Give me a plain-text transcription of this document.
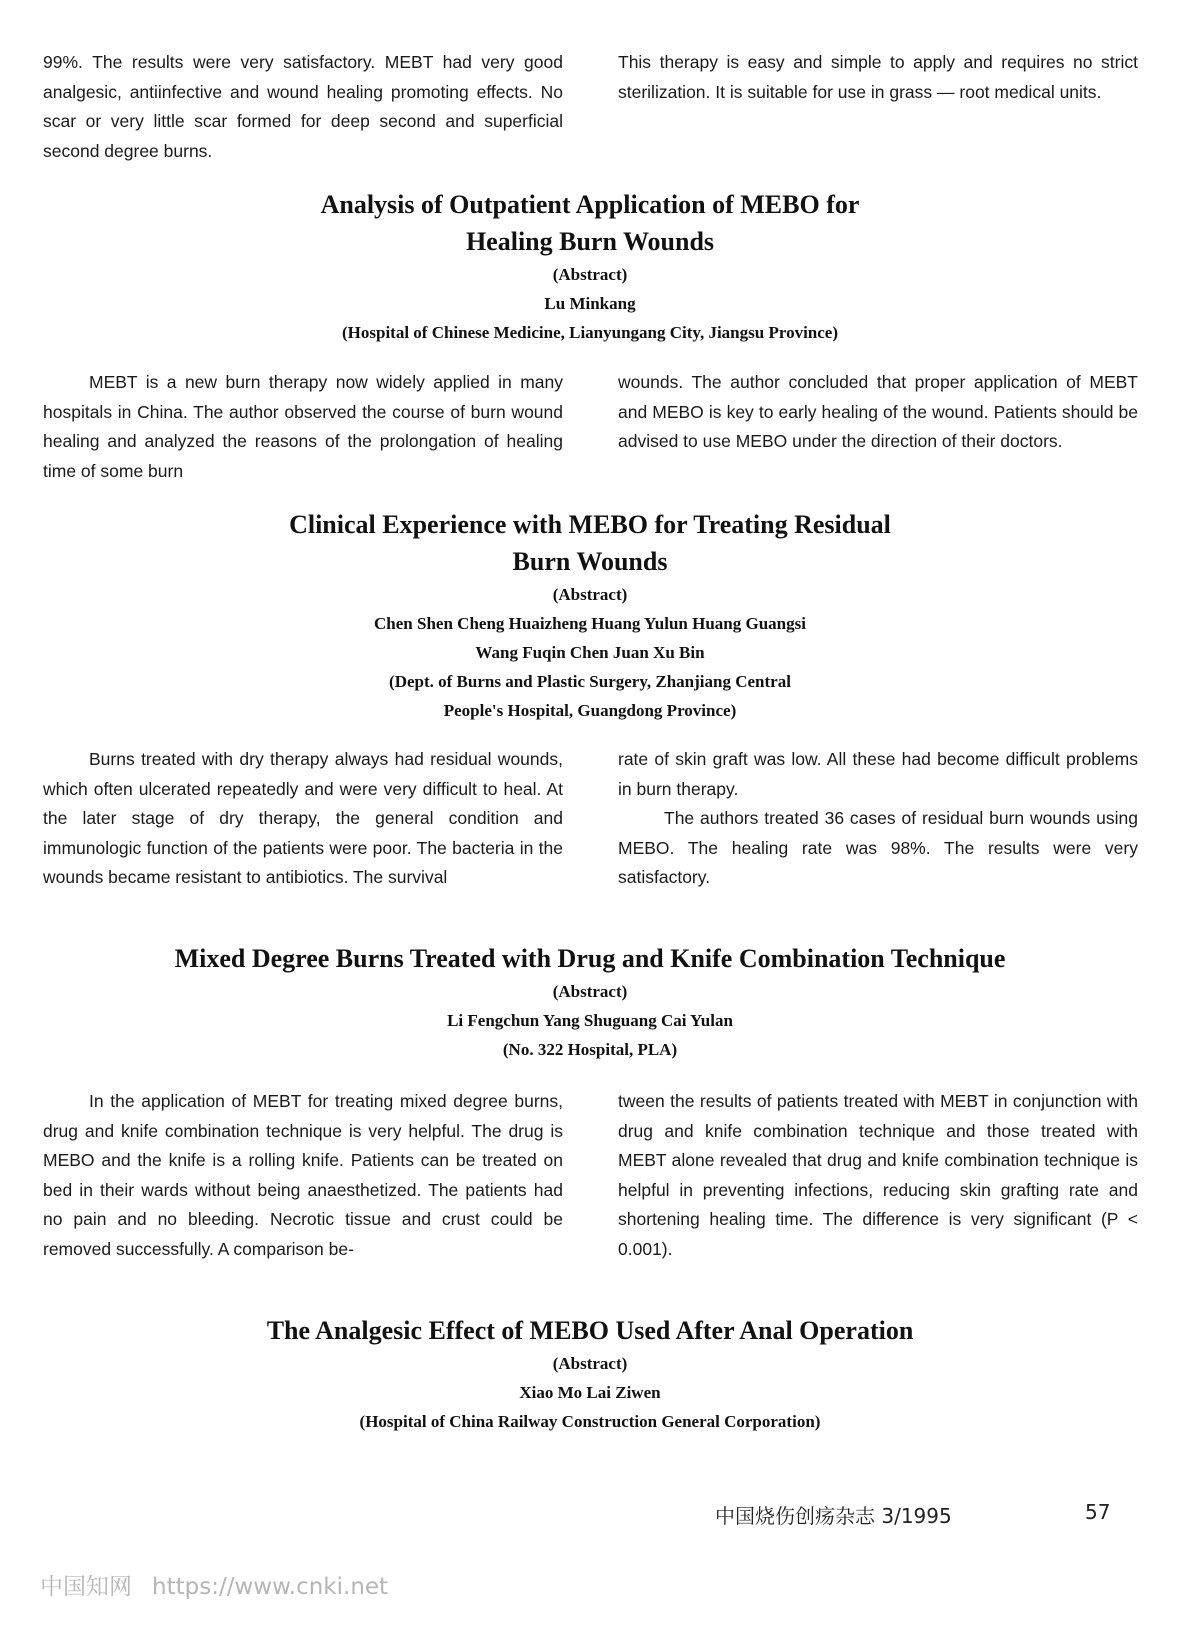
99%. The results were very satisfactory. MEBT had very good analgesic, antiinfective and wound healing promoting effects. No scar or very little scar formed for deep second and superficial second degree burns.

This therapy is easy and simple to apply and requires no strict sterilization. It is suitable for use in grass — root medical units.

Analysis of Outpatient Application of MEBO for

Healing Burn Wounds

(Abstract)

Lu Minkang

(Hospital of Chinese Medicine, Lianyungang City, Jiangsu Province)

MEBT is a new burn therapy now widely applied in many hospitals in China. The author observed the course of burn wound healing and analyzed the reasons of the prolongation of healing time of some burn

wounds. The author concluded that proper application of MEBT and MEBO is key to early healing of the wound. Patients should be advised to use MEBO under the direction of their doctors.

Clinical Experience with MEBO for Treating Residual

Burn Wounds

(Abstract)

Chen Shen Cheng Huaizheng Huang Yulun Huang Guangsi

Wang Fuqin Chen Juan Xu Bin

(Dept. of Burns and Plastic Surgery, Zhanjiang Central

People's Hospital, Guangdong Province)

Burns treated with dry therapy always had residual wounds, which often ulcerated repeatedly and were very difficult to heal. At the later stage of dry therapy, the general condition and immunologic function of the patients were poor. The bacteria in the wounds became resistant to antibiotics. The survival

rate of skin graft was low. All these had become difficult problems in burn therapy.

The authors treated 36 cases of residual burn wounds using MEBO. The healing rate was 98%. The results were very satisfactory.

Mixed Degree Burns Treated with Drug and Knife Combination Technique

(Abstract)

Li Fengchun Yang Shuguang Cai Yulan

(No. 322 Hospital, PLA)

In the application of MEBT for treating mixed degree burns, drug and knife combination technique is very helpful. The drug is MEBO and the knife is a rolling knife. Patients can be treated on bed in their wards without being anaesthetized. The patients had no pain and no bleeding. Necrotic tissue and crust could be removed successfully. A comparison be-

tween the results of patients treated with MEBT in conjunction with drug and knife combination technique and those treated with MEBT alone revealed that drug and knife combination technique is helpful in preventing infections, reducing skin grafting rate and shortening healing time. The difference is very significant (P < 0.001).

The Analgesic Effect of MEBO Used After Anal Operation

(Abstract)

Xiao Mo Lai Ziwen

(Hospital of China Railway Construction General Corporation)

中国烧伤创疡杂志 3/1995	57
中国知网 https://www.cnki.net
